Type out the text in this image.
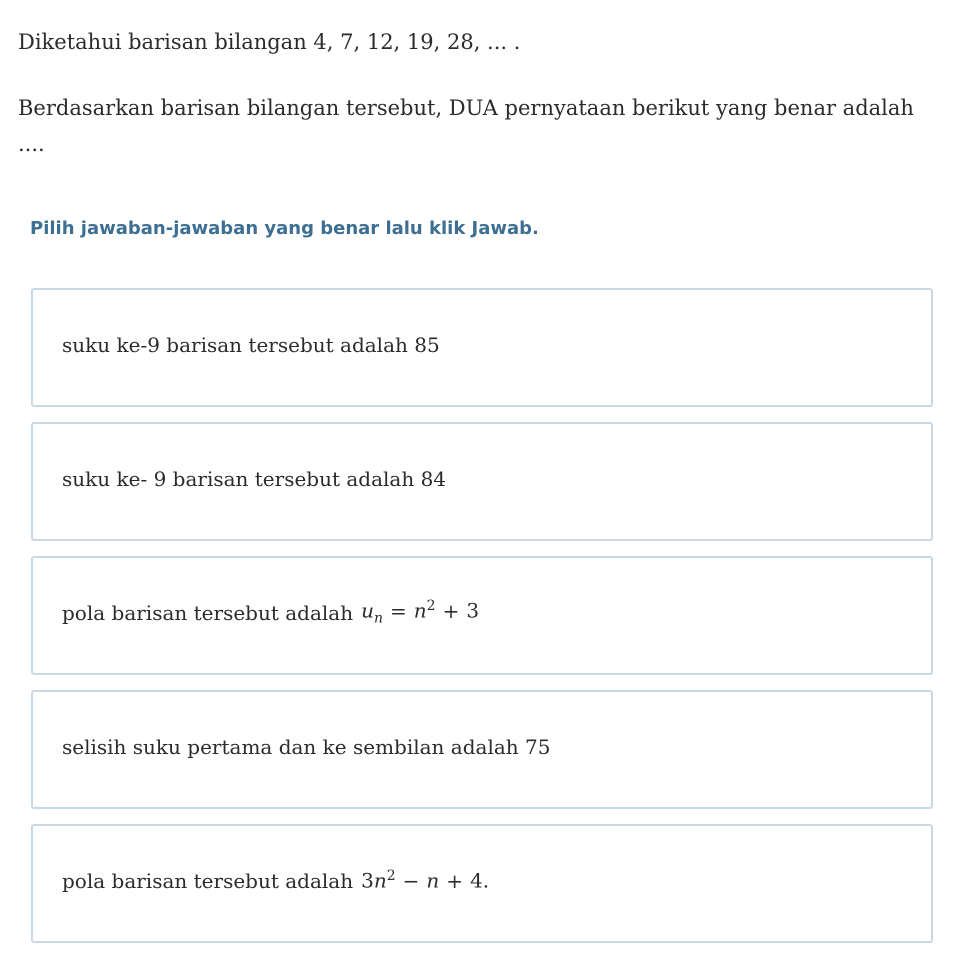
Diketahui barisan bilangan 4, 7, 12, 19, 28, ... .
Berdasarkan barisan bilangan tersebut, DUA pernyataan berikut yang benar adalah ....
Pilih jawaban-jawaban yang benar lalu klik Jawab.
suku ke-9 barisan tersebut adalah 85
suku ke- 9 barisan tersebut adalah 84
pola barisan tersebut adalah $u_n = n^2 + 3$
selisih suku pertama dan ke sembilan adalah 75
pola barisan tersebut adalah $3n^2 - n + 4$.
